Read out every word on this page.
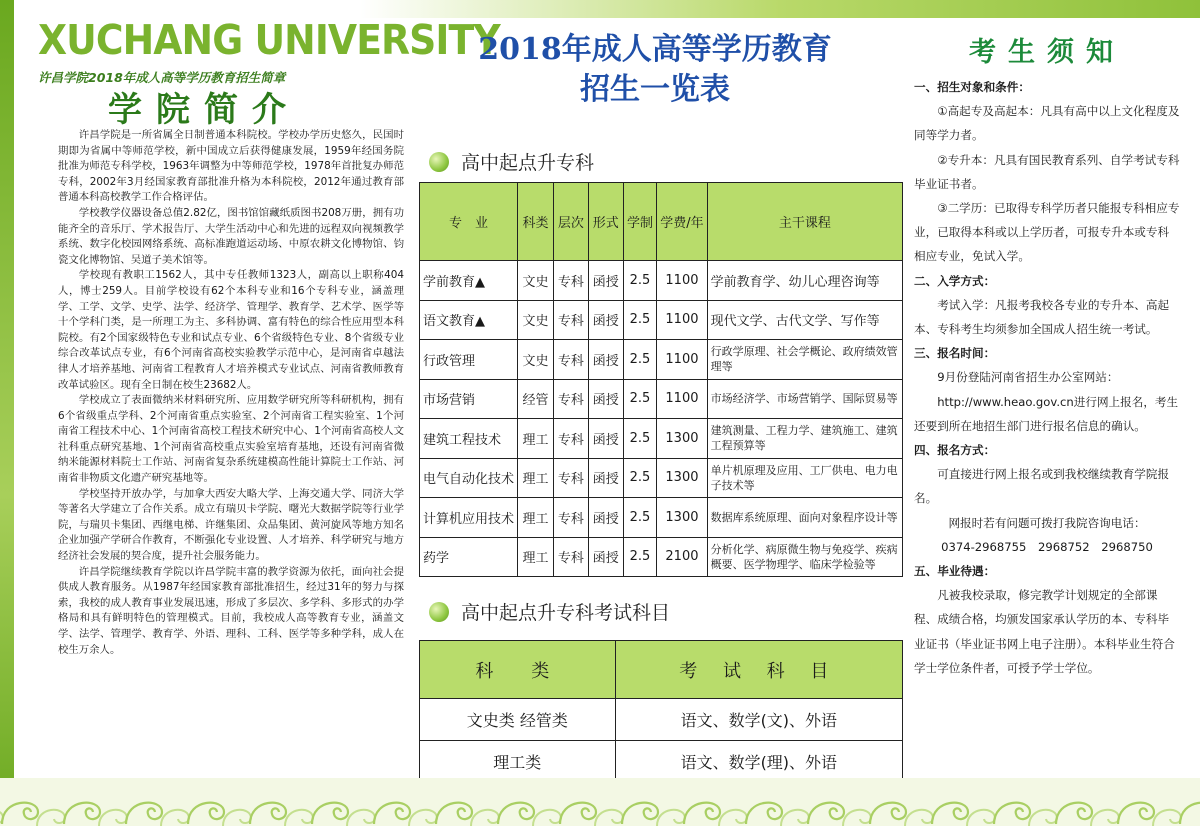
XUCHANG UNIVERSITY
许昌学院2018年成人高等学历教育招生简章
学院简介

许昌学院是一所省属全日制普通本科院校。学校办学历史悠久，民国时期即为省属中等师范学校，新中国成立后获得健康发展，1959年经国务院批准为师范专科学校，1963年调整为中等师范学校，1978年首批复办师范专科，2002年3月经国家教育部批准升格为本科院校，2012年通过教育部普通本科高校教学工作合格评估。

学校教学仪器设备总值2.82亿，图书馆馆藏纸质图书208万册，拥有功能齐全的音乐厅、学术报告厅、大学生活动中心和先进的远程双向视频教学系统、数字化校园网络系统、高标准跑道运动场、中原农耕文化博物馆、钧瓷文化博物馆、吴道子美术馆等。

学校现有教职工1562人，其中专任教师1323人，副高以上职称404人，博士259人。目前学校设有62个本科专业和16个专科专业，涵盖理学、工学、文学、史学、法学、经济学、管理学、教育学、艺术学、医学等十个学科门类，是一所理工为主、多科协调、富有特色的综合性应用型本科院校。有2个国家级特色专业和试点专业、6个省级特色专业、8个省级专业综合改革试点专业，有6个河南省高校实验教学示范中心，是河南省卓越法律人才培养基地、河南省工程教育人才培养模式专业试点、河南省教师教育改革试验区。现有全日制在校生23682人。

学校成立了表面微纳米材料研究所、应用数学研究所等科研机构，拥有6个省级重点学科、2个河南省重点实验室、2个河南省工程实验室、1个河南省工程技术中心、1个河南省高校工程技术研究中心、1个河南省高校人文社科重点研究基地、1个河南省高校重点实验室培育基地，还设有河南省微纳米能源材料院士工作站、河南省复杂系统建模高性能计算院士工作站、河南省非物质文化遗产研究基地等。

学校坚持开放办学，与加拿大西安大略大学、上海交通大学、同济大学等著名大学建立了合作关系。成立有瑞贝卡学院、曙光大数据学院等行业学院，与瑞贝卡集团、西继电梯、许继集团、众品集团、黄河旋风等地方知名企业加强产学研合作教育，不断强化专业设置、人才培养、科学研究与地方经济社会发展的契合度，提升社会服务能力。

许昌学院继续教育学院以许昌学院丰富的教学资源为依托，面向社会提供成人教育服务。从1987年经国家教育部批准招生，经过31年的努力与探索，我校的成人教育事业发展迅速，形成了多层次、多学科、多形式的办学格局和具有鲜明特色的管理模式。目前，我校成人高等教育专业，涵盖文学、法学、管理学、教育学、外语、理科、工科、医学等多种学科，成人在校生万余人。

2018年成人高等学历教育
招生一览表
高中起点升专科
专　业	科类	层次	形式	学制	学费/年	主干课程
学前教育▲	文史	专科	函授	2.5	1100	学前教育学、幼儿心理咨询等
语文教育▲	文史	专科	函授	2.5	1100	现代文学、古代文学、写作等
行政管理	文史	专科	函授	2.5	1100	行政学原理、社会学概论、政府绩效管理等
市场营销	经管	专科	函授	2.5	1100	市场经济学、市场营销学、国际贸易等
建筑工程技术	理工	专科	函授	2.5	1300	建筑测量、工程力学、建筑施工、建筑工程预算等
电气自动化技术	理工	专科	函授	2.5	1300	单片机原理及应用、工厂供电、电力电子技术等
计算机应用技术	理工	专科	函授	2.5	1300	数据库系统原理、面向对象程序设计等
药学	理工	专科	函授	2.5	2100	分析化学、病原微生物与免疫学、疾病概要、医学物理学、临床学检验等
高中起点升专科考试科目
科　类	考 试 科 目
文史类 经管类	语文、数学(文)、外语
理工类	语文、数学(理)、外语
考生须知
一、招生对象和条件：
①高起专及高起本：凡具有高中以上文化程度及同等学力者。
②专升本：凡具有国民教育系列、自学考试专科毕业证书者。
③二学历：已取得专科学历者只能报专科相应专业，已取得本科或以上学历者，可报专升本或专科相应专业，免试入学。
二、入学方式：
考试入学：凡报考我校各专业的专升本、高起本、专科考生均须参加全国成人招生统一考试。
三、报名时间：
9月份登陆河南省招生办公室网站：
http://www.heao.gov.cn进行网上报名，考生还要到所在地招生部门进行报名信息的确认。
四、报名方式：
可直接进行网上报名或到我校继续教育学院报名。
网报时若有问题可拨打我院咨询电话：
0374-2968755　2968752　2968750
五、毕业待遇：
凡被我校录取，修完教学计划规定的全部课程、成绩合格，均颁发国家承认学历的本、专科毕业证书（毕业证书网上电子注册）。本科毕业生符合学士学位条件者，可授予学士学位。
